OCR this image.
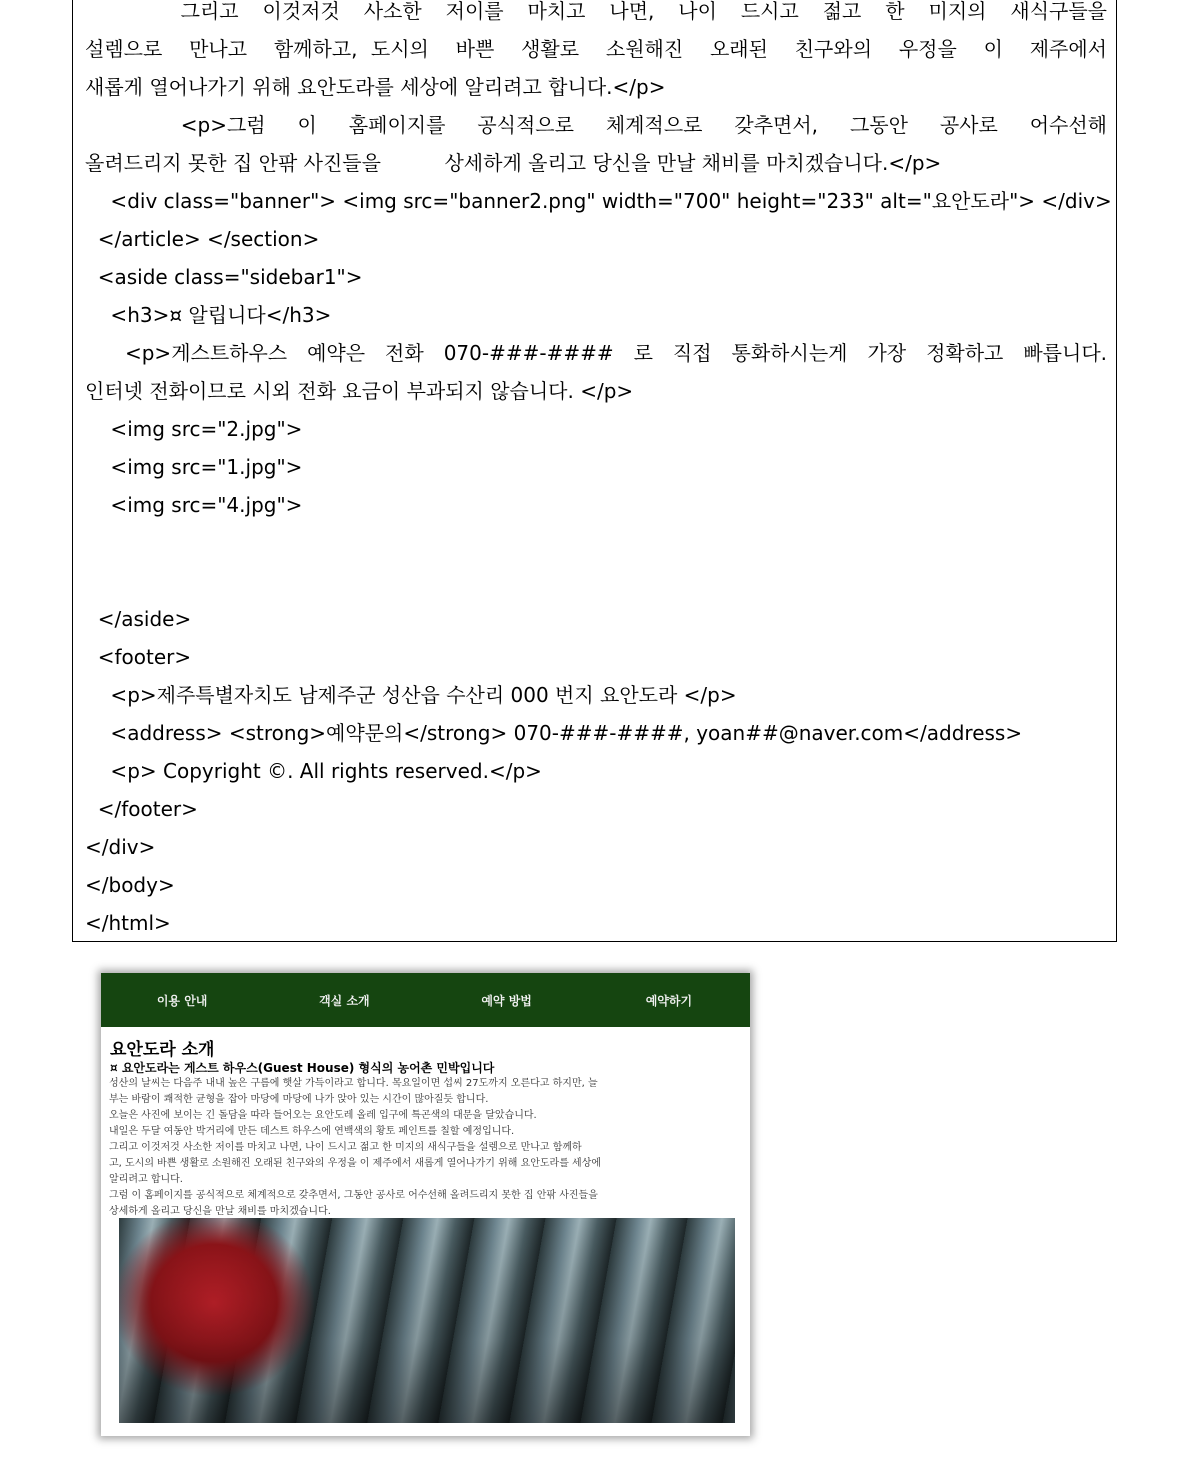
그리고  이것저것  사소한  저이를  마치고  나면,  나이  드시고  젊고  한  미지의  새식구들을
설렘으로  만나고  함께하고, 도시의  바쁜  생활로  소원해진  오래된  친구와의  우정을  이  제주에서
새롭게 열어나가기 위해 요안도라를 세상에 알리려고 합니다.</p>
<p>그럼  이  홈페이지를  공식적으로  체계적으로  갖추면서,  그동안  공사로  어수선해
올려드리지 못한 집 안팎 사진들을          상세하게 올리고 당신을 만날 채비를 마치겠습니다.</p>
<div class="banner"> <img src="banner2.png" width="700" height="233" alt="요안도라"> </div>
</article> </section>
<aside class="sidebar1">
<h3>¤ 알립니다</h3>
<p>게스트하우스  예약은  전화  070-###-####  로  직접  통화하시는게  가장  정확하고  빠릅니다.
인터넷 전화이므로 시외 전화 요금이 부과되지 않습니다. </p>
<img src="2.jpg">
<img src="1.jpg">
<img src="4.jpg">
</aside>
<footer>
<p>제주특별자치도 남제주군 성산읍 수산리 000 번지 요안도라 </p>
<address> <strong>예약문의</strong> 070-###-####, yoan##@naver.com</address>
<p> Copyright ©. All rights reserved.</p>
</footer>
</div>
</body>
</html>
이용 안내	객실 소개	예약 방법	예약하기
요안도라 소개
¤ 요안도라는 게스트 하우스(Guest House) 형식의 농어촌 민박입니다
성산의 날씨는 다음주 내내 높은 구름에 햇살 가득이라고 합니다. 목요일이면 섭씨 27도까지 오른다고 하지만, 늘
부는 바람이 쾌적한 균형을 잡아 마당에 마당에 나가 앉아 있는 시간이 많아질듯 합니다.
오늘은 사진에 보이는 긴 돌담을 따라 들어오는 요안도레 올레 입구에 특곤색의 대문을 달았습니다.
내일은 두달 여동안 박거리에 만든 데스트 하우스에 연백색의 황토 페인트를 칠할 예정입니다.
그리고 이것저것 사소한 저이를 마치고 나면, 나이 드시고 젊고 한 미지의 새식구들을 설렘으로 만나고 함께하
고, 도시의 바쁜 생활로 소원해진 오래된 친구와의 우정을 이 제주에서 새롭게 열어나가기 위해 요안도라를 세상에
알리려고 합니다.
그럼 이 홈페이지를 공식적으로 체계적으로 갖추면서, 그동안 공사로 어수선해 올려드리지 못한 집 안팎 사진들을
상세하게 올리고 당신을 만날 채비를 마치겠습니다.
